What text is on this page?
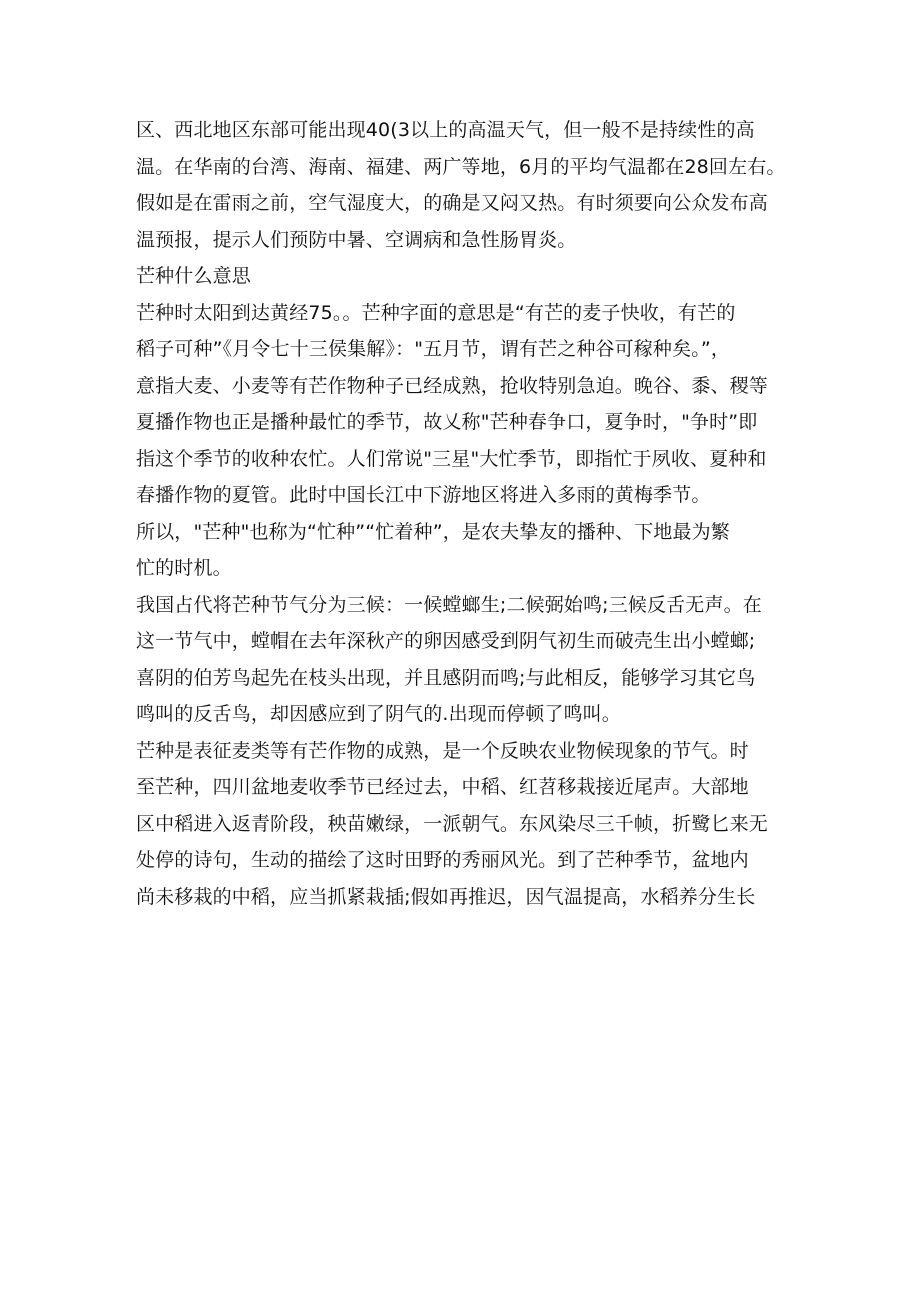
区、西北地区东部可能出现40(3以上的高温天气，但一般不是持续性的高
温。在华南的台湾、海南、福建、两广等地，6月的平均气温都在28回左右。
假如是在雷雨之前，空气湿度大，的确是又闷又热。有时须要向公众发布高
温预报，提示人们预防中暑、空调病和急性肠胃炎。
芒种什么意思
芒种时太阳到达黄经75。。芒种字面的意思是“有芒的麦子快收，有芒的
稻子可种”《月令七十三侯集解》："五月节，谓有芒之种谷可稼种矣。”，
意指大麦、小麦等有芒作物种子已经成熟，抢收特别急迫。晚谷、黍、稷等
夏播作物也正是播种最忙的季节，故乂称"芒种春争口，夏争时，"争时”即
指这个季节的收种农忙。人们常说"三星"大忙季节，即指忙于夙收、夏种和
春播作物的夏管。此时中国长江中下游地区将进入多雨的黄梅季节。
所以，"芒种"也称为“忙种”“忙着种”，是农夫挚友的播种、下地最为繁
忙的时机。
我国占代将芒种节气分为三候：一候螳螂生;二候弼始鸣;三候反舌无声。在
这一节气中，螳帽在去年深秋产的卵因感受到阴气初生而破壳生出小螳螂;
喜阴的伯芳鸟起先在枝头出现，并且感阴而鸣;与此相反，能够学习其它鸟
鸣叫的反舌鸟，却因感应到了阴气的.出现而停顿了鸣叫。
芒种是表征麦类等有芒作物的成熟，是一个反映农业物候现象的节气。时
至芒种，四川盆地麦收季节已经过去，中稻、红苕移栽接近尾声。大部地
区中稻进入返青阶段，秧苗嫩绿，一派朝气。东风染尽三千帧，折鹭匕来无
处停的诗句，生动的描绘了这时田野的秀丽风光。到了芒种季节，盆地内
尚未移栽的中稻，应当抓紧栽插;假如再推迟，因气温提高，水稻养分生长
